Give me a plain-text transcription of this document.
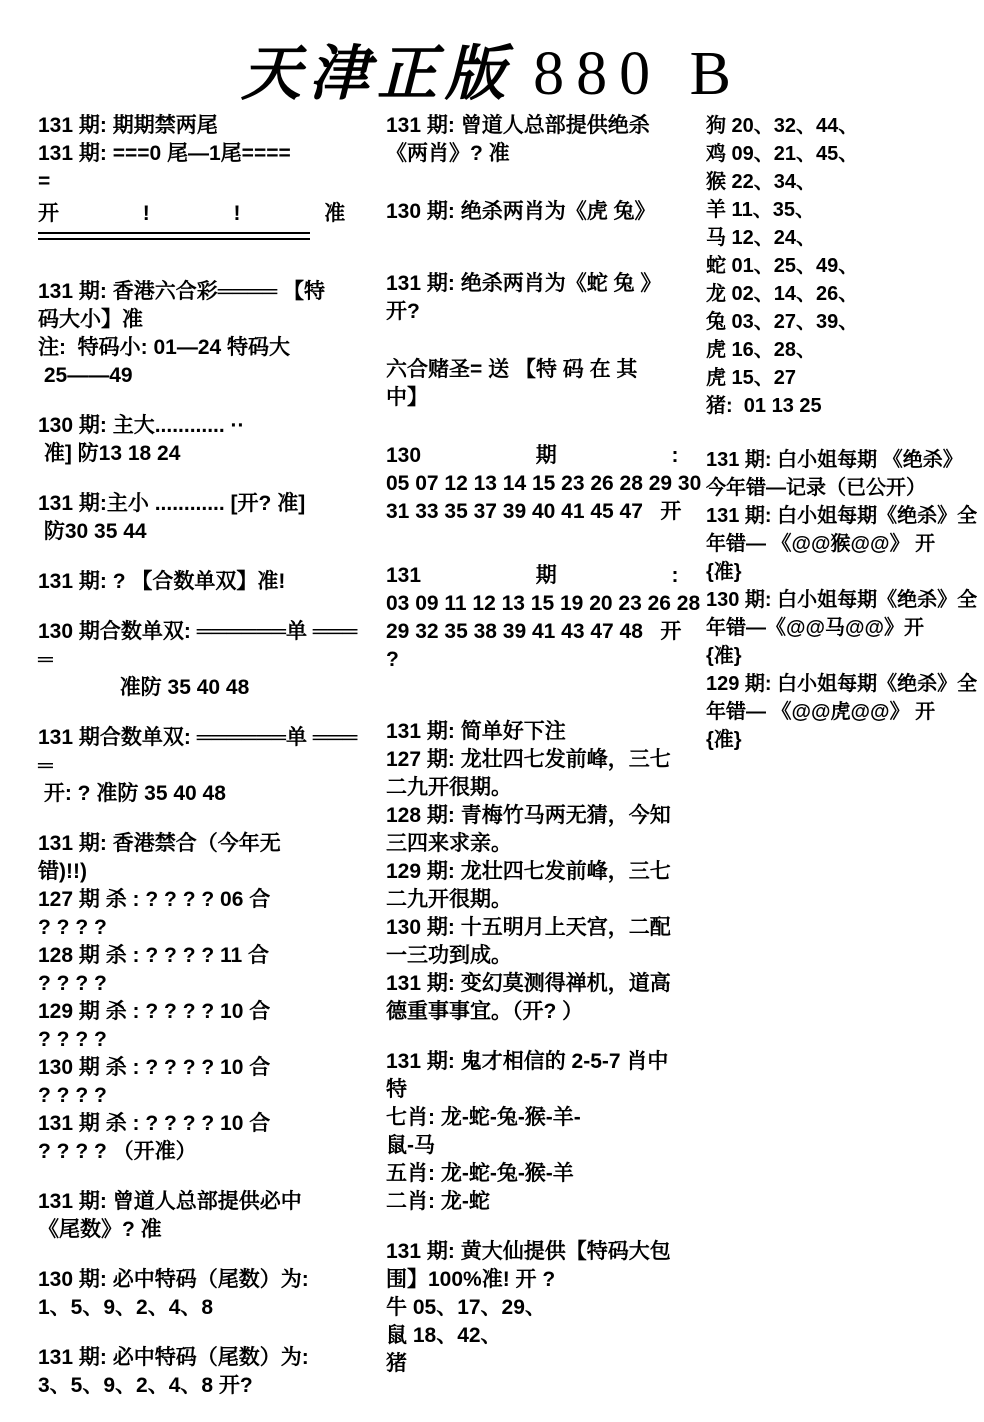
天津正版 880 B
131 期: 期期禁两尾
131 期: ===0 尾—1尾====
=
开	!	!	准
131 期: 香港六合彩════ 【特
码大小】准
注:  特码小: 01—24 特码大
25——49
130 期: 主大............ ··
准] 防13 18 24
131 期:主小 ............ [开? 准]
防30 35 44
131 期: ? 【合数单双】准!
130 期合数单双: ══════单 ════
准防 35 40 48
131 期合数单双: ══════单 ════
开: ? 准防 35 40 48
131 期: 香港禁合（今年无
错)!!)
127 期 杀 : ? ? ? ? 06 合
? ? ? ?
128 期 杀 : ? ? ? ? 11 合
? ? ? ?
129 期 杀 : ? ? ? ? 10 合
? ? ? ?
130 期 杀 : ? ? ? ? 10 合
? ? ? ?
131 期 杀 : ? ? ? ? 10 合
? ? ? ? （开准）
131 期: 曾道人总部提供必中
《尾数》? 准
130 期: 必中特码（尾数）为:
1、5、9、2、4、8
131 期: 必中特码（尾数）为:
3、5、9、2、4、8 开?
131 期: 曾道人总部提供绝杀
《两肖》? 准
130 期: 绝杀两肖为《虎 兔》
131 期: 绝杀两肖为《蛇 兔 》
开?
六合赌圣= 送 【特 码 在 其
中】
130	期	:
05 07 12 13 14 15 23 26 28 29 30
31 33 35 37 39 40 41 45 47   开
131	期	:
03 09 11 12 13 15 19 20 23 26 28
29 32 35 38 39 41 43 47 48   开
?
131 期: 简单好下注
127 期: 龙壮四七发前峰，三七
二九开很期。
128 期: 青梅竹马两无猜，今知
三四来求亲。
129 期: 龙壮四七发前峰，三七
二九开很期。
130 期: 十五明月上天宫，二配
一三功到成。
131 期: 变幻莫测得禅机，道高
德重事事宜。（开? ）
131 期: 鬼才相信的 2-5-7 肖中
特
七肖: 龙-蛇-兔-猴-羊-
鼠-马
五肖: 龙-蛇-兔-猴-羊
二肖: 龙-蛇
131 期: 黄大仙提供【特码大包
围】100%准! 开 ?
牛 05、17、29、
鼠 18、42、
猪
狗 20、32、44、
鸡 09、21、45、
猴 22、34、
羊 11、35、
马 12、24、
蛇 01、25、49、
龙 02、14、26、
兔 03、27、39、
虎 16、28、
虎 15、27
猪:  01 13 25
131 期: 白小姐每期 《绝杀》
今年错—记录（已公开）
131 期: 白小姐每期《绝杀》全
年错— 《@@猴@@》 开
{准}
130 期: 白小姐每期《绝杀》全
年错—《@@马@@》开
{准}
129 期: 白小姐每期《绝杀》全
年错— 《@@虎@@》 开
{准}
